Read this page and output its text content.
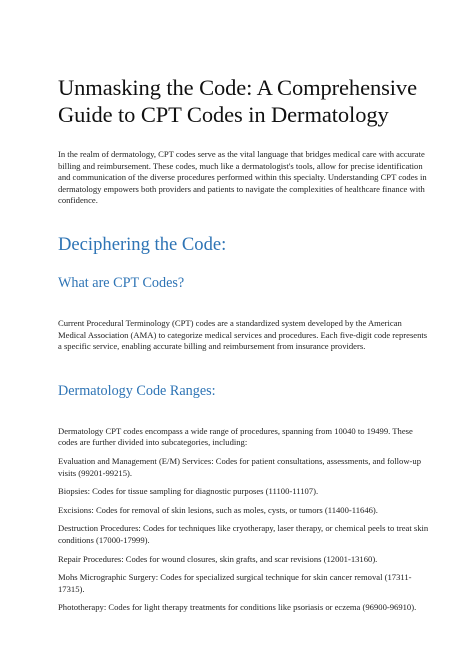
Unmasking the Code: A Comprehensive
Guide to CPT Codes in Dermatology

In the realm of dermatology, CPT codes serve as the vital language that bridges medical care with accurate billing and reimbursement. These codes, much like a dermatologist's tools, allow for precise identification and communication of the diverse procedures performed within this specialty. Understanding CPT codes in dermatology empowers both providers and patients to navigate the complexities of healthcare finance with confidence.

Deciphering the Code:
What are CPT Codes?

Current Procedural Terminology (CPT) codes are a standardized system developed by the American Medical Association (AMA) to categorize medical services and procedures. Each five-digit code represents a specific service, enabling accurate billing and reimbursement from insurance providers.

Dermatology Code Ranges:

Dermatology CPT codes encompass a wide range of procedures, spanning from 10040 to 19499. These codes are further divided into subcategories, including:

Evaluation and Management (E/M) Services: Codes for patient consultations, assessments, and follow-up visits (99201-99215).
Biopsies: Codes for tissue sampling for diagnostic purposes (11100-11107).
Excisions: Codes for removal of skin lesions, such as moles, cysts, or tumors (11400-11646).
Destruction Procedures: Codes for techniques like cryotherapy, laser therapy, or chemical peels to treat skin conditions (17000-17999).
Repair Procedures: Codes for wound closures, skin grafts, and scar revisions (12001-13160).
Mohs Micrographic Surgery: Codes for specialized surgical technique for skin cancer removal (17311-17315).
Phototherapy: Codes for light therapy treatments for conditions like psoriasis or eczema (96900-96910).
